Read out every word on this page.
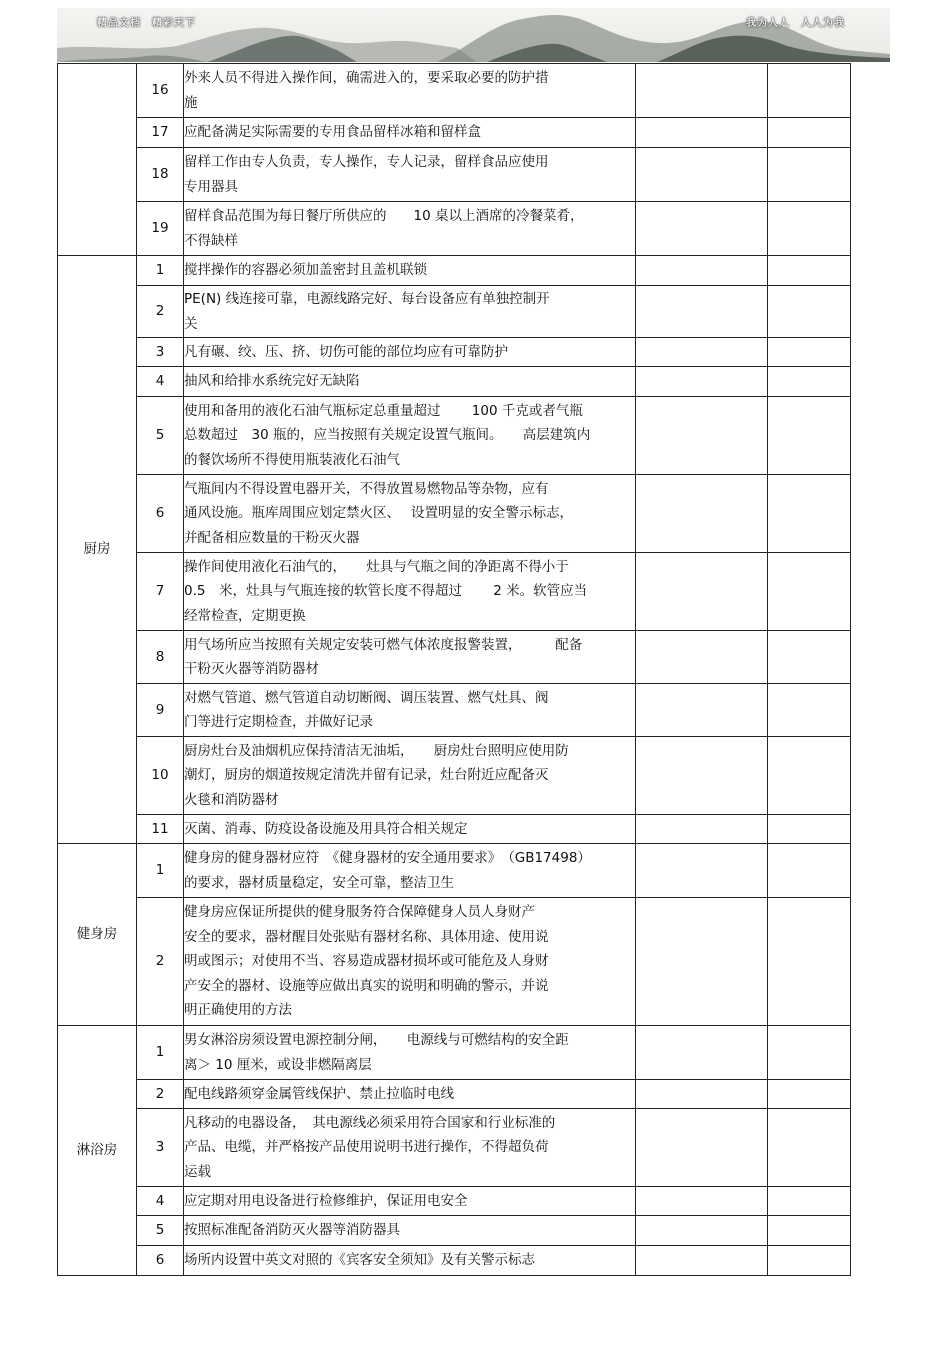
精品文档　精彩天下	我为人人　人人为我
	16	外来人员不得进入操作间，确需进入的，要采取必要的防护措
施		
	17	应配备满足实际需要的专用食品留样冰箱和留样盒		
	18	留样工作由专人负责，专人操作，专人记录，留样食品应使用
专用器具		
	19	留样食品范围为每日餐厅所供应的　　10 桌以上酒席的冷餐菜肴，
不得缺样		
厨房	1	搅拌操作的容器必须加盖密封且盖机联锁		
	2	PE(N) 线连接可靠，电源线路完好、每台设备应有单独控制开
关		
	3	凡有碾、绞、压、挤、切伤可能的部位均应有可靠防护		
	4	抽风和给排水系统完好无缺陷		
	5	使用和备用的液化石油气瓶标定总重量超过　　 100 千克或者气瓶
总数超过　30 瓶的，应当按照有关规定设置气瓶间。　　高层建筑内
的餐饮场所不得使用瓶装液化石油气		
	6	气瓶间内不得设置电器开关，不得放置易燃物品等杂物，应有
通风设施。瓶库周围应划定禁火区、　 设置明显的安全警示标志，
并配备相应数量的干粉灭火器		
	7	操作间使用液化石油气的，　　灶具与气瓶之间的净距离不得小于
0.5　米，灶具与气瓶连接的软管长度不得超过　　 2 米。软管应当
经常检查，定期更换		
	8	用气场所应当按照有关规定安装可燃气体浓度报警装置，　　　配备
干粉灭火器等消防器材		
	9	对燃气管道、燃气管道自动切断阀、调压装置、燃气灶具、阀
门等进行定期检查，并做好记录		
	10	厨房灶台及油烟机应保持清洁无油垢，　　厨房灶台照明应使用防
潮灯，厨房的烟道按规定清洗并留有记录，灶台附近应配备灭
火毯和消防器材		
	11	灭菌、消毒、防疫设备设施及用具符合相关规定		
健身房	1	健身房的健身器材应符　《健身器材的安全通用要求》　（GB17498）
的要求，器材质量稳定，安全可靠，整洁卫生		
	2	健身房应保证所提供的健身服务符合保障健身人员人身财产
安全的要求，器材醒目处张贴有器材名称、具体用途、使用说
明或图示；对使用不当、容易造成器材损坏或可能危及人身财
产安全的器材、设施等应做出真实的说明和明确的警示，并说
明正确使用的方法		
淋浴房	1	男女淋浴房须设置电源控制分闸，　　电源线与可燃结构的安全距
离＞ 10 厘米，或设非燃隔离层		
	2	配电线路须穿金属管线保护、禁止拉临时电线		
	3	凡移动的电器设备，　其电源线必须采用符合国家和行业标准的
产品、电缆，并严格按产品使用说明书进行操作，不得超负荷
运载		
	4	应定期对用电设备进行检修维护，保证用电安全		
	5	按照标准配备消防灭火器等消防器具		
	6	场所内设置中英文对照的《宾客安全须知》及有关警示标志		
